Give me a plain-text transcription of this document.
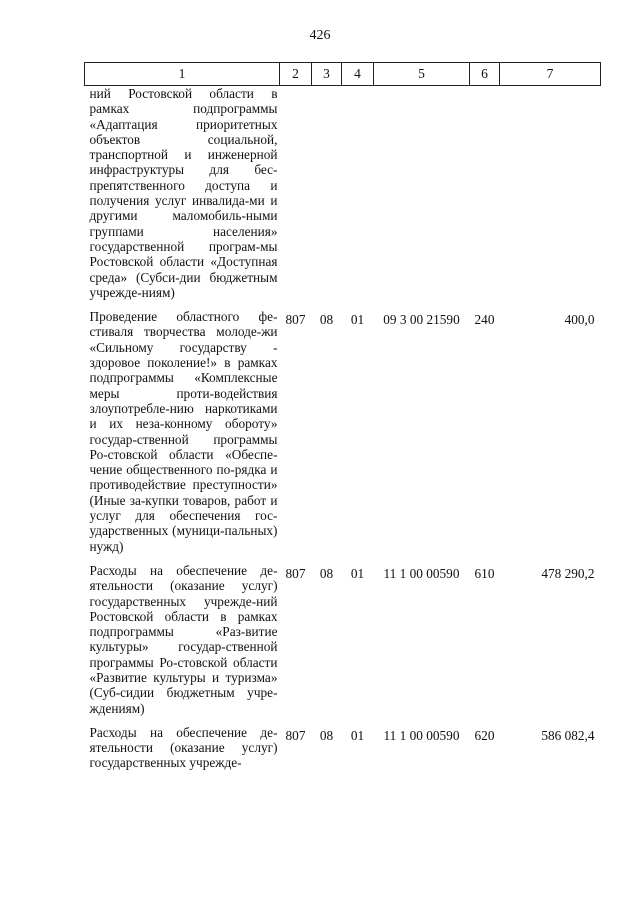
426
1	2	3	4	5	6	7
ний Ростовской области в рамках подпрограммы «Адаптация приоритетных объектов социальной, транспортной и инженерной инфраструктуры для бес-препятственного доступа и получения услуг инвалида-ми и другими маломобиль-ными группами населения» государственной програм-мы Ростовской области «Доступная среда» (Субси-дии бюджетным учрежде-ниям)						
Проведение областного фе-стиваля творчества молоде-жи «Сильному государству - здоровое поколение!» в рамках подпрограммы «Комплексные меры проти-водействия злоупотребле-нию наркотиками и их неза-конному обороту» государ-ственной программы Ро-стовской области «Обеспе-чение общественного по-рядка и противодействие преступности» (Иные за-купки товаров, работ и услуг для обеспечения гос-ударственных (муници-пальных) нужд)	807	08	01	09 3 00 21590	240	400,0
Расходы на обеспечение де-ятельности (оказание услуг) государственных учрежде-ний Ростовской области в рамках подпрограммы «Раз-витие культуры» государ-ственной программы Ро-стовской области «Развитие культуры и туризма» (Суб-сидии бюджетным учре-ждениям)	807	08	01	11 1 00 00590	610	478 290,2
Расходы на обеспечение де-ятельности (оказание услуг) государственных учрежде-	807	08	01	11 1 00 00590	620	586 082,4
